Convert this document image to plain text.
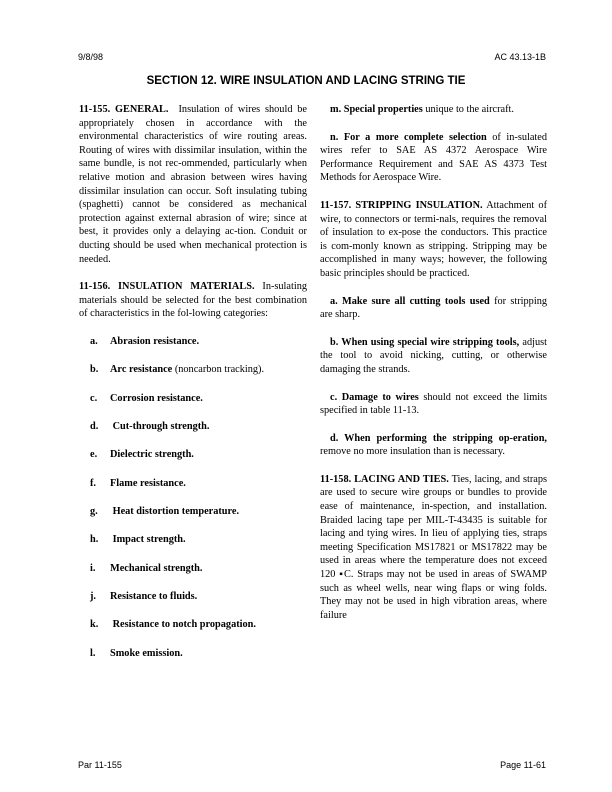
9/8/98	AC 43.13-1B
SECTION 12. WIRE INSULATION AND LACING STRING TIE

11-155. GENERAL. Insulation of wires should be appropriately chosen in accordance with the environmental characteristics of wire routing areas. Routing of wires with dissimilar insulation, within the same bundle, is not rec-ommended, particularly when relative motion and abrasion between wires having dissimilar insulation can occur. Soft insulating tubing (spaghetti) cannot be considered as mechanical protection against external abrasion of wire; since at best, it provides only a delaying ac-tion. Conduit or ducting should be used when mechanical protection is needed.

11-156. INSULATION MATERIALS. In-sulating materials should be selected for the best combination of characteristics in the fol-lowing categories:

a. Abrasion resistance.
b. Arc resistance (noncarbon tracking).
c. Corrosion resistance.
d. Cut-through strength.
e. Dielectric strength.
f. Flame resistance.
g. Heat distortion temperature.
h. Impact strength.
i. Mechanical strength.
j. Resistance to fluids.
k. Resistance to notch propagation.
l. Smoke emission.

m. Special properties unique to the aircraft.

n. For a more complete selection of in-sulated wires refer to SAE AS 4372 Aerospace Wire Performance Requirement and SAE AS 4373 Test Methods for Aerospace Wire.

11-157. STRIPPING INSULATION. Attachment of wire, to connectors or termi-nals, requires the removal of insulation to ex-pose the conductors. This practice is com-monly known as stripping. Stripping may be accomplished in many ways; however, the following basic principles should be practiced.

a. Make sure all cutting tools used for stripping are sharp.

b. When using special wire stripping tools, adjust the tool to avoid nicking, cutting, or otherwise damaging the strands.

c. Damage to wires should not exceed the limits specified in table 11-13.

d. When performing the stripping op-eration, remove no more insulation than is necessary.

11-158. LACING AND TIES. Ties, lacing, and straps are used to secure wire groups or bundles to provide ease of maintenance, in-spection, and installation. Braided lacing tape per MIL-T-43435 is suitable for lacing and tying wires. In lieu of applying ties, straps meeting Specification MS17821 or MS17822 may be used in areas where the temperature does not exceed 120 ▪C. Straps may not be used in areas of SWAMP such as wheel wells, near wing flaps or wing folds. They may not be used in high vibration areas, where failure

Par 11-155	Page 11-61
